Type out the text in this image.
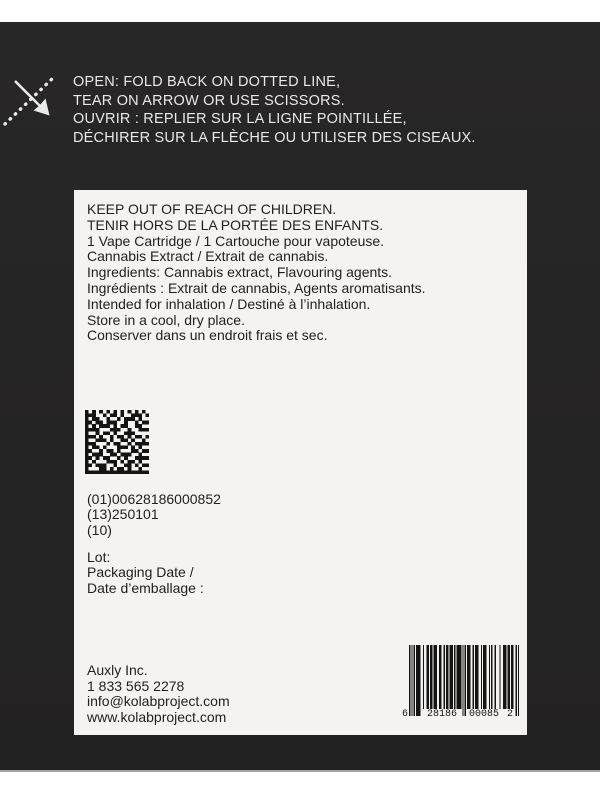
OPEN: FOLD BACK ON DOTTED LINE,
TEAR ON ARROW OR USE SCISSORS.
OUVRIR : REPLIER SUR LA LIGNE POINTILLÉE,
DÉCHIRER SUR LA FLÈCHE OU UTILISER DES CISEAUX.
KEEP OUT OF REACH OF CHILDREN.
TENIR HORS DE LA PORTÉE DES ENFANTS.
1 Vape Cartridge / 1 Cartouche pour vapoteuse.
Cannabis Extract / Extrait de cannabis.
Ingredients: Cannabis extract, Flavouring agents.
Ingrédients : Extrait de cannabis, Agents aromatisants.
Intended for inhalation / Destiné à l’inhalation.
Store in a cool, dry place.
Conserver dans un endroit frais et sec.
(01)00628186000852
(13)250101
(10)
Lot:
Packaging Date /
Date d’emballage :
Auxly Inc.
1 833 565 2278
info@kolabproject.com
www.kolabproject.com	6	28186	00085 2
